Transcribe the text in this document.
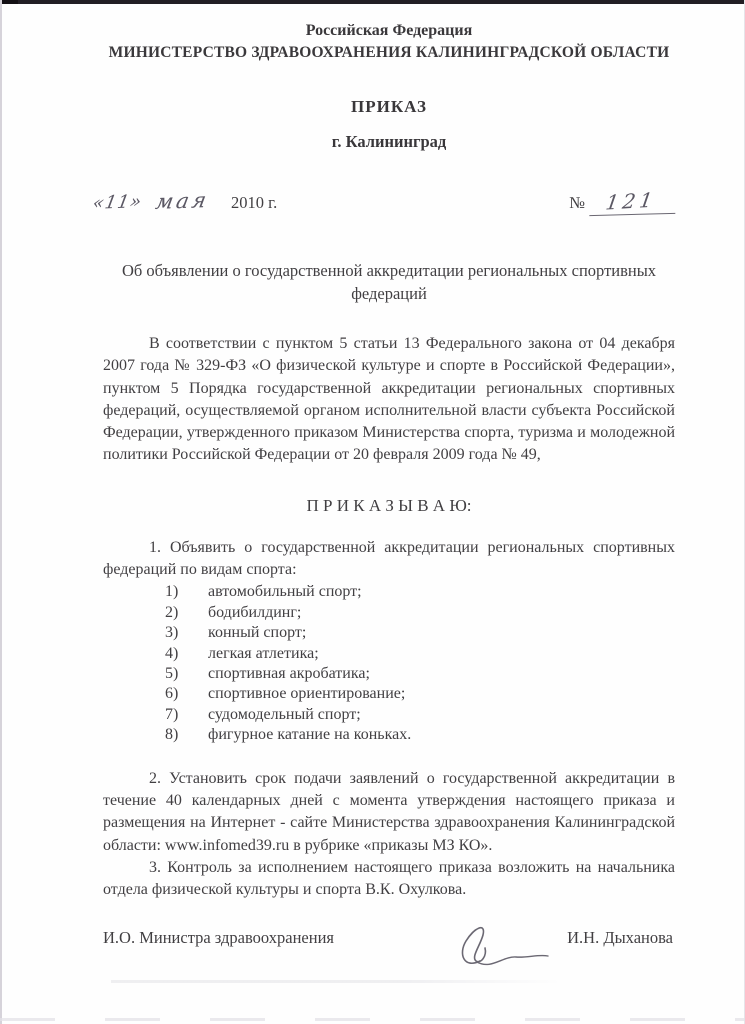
Российская Федерация
МИНИСТЕРСТВО ЗДРАВООХРАНЕНИЯ КАЛИНИНГРАДСКОЙ ОБЛАСТИ
ПРИКАЗ
г. Калининград
«11» мая 2010 г.	№ 121
Об объявлении о государственной аккредитации региональных спортивных федераций

В соответствии с пунктом 5 статьи 13 Федерального закона от 04 декабря 2007 года № 329-ФЗ «О физической культуре и спорте в Российской Федерации», пунктом 5 Порядка государственной аккредитации региональных спортивных федераций, осуществляемой органом исполнительной власти субъекта Российской Федерации, утвержденного приказом Министерства спорта, туризма и молодежной политики Российской Федерации от 20 февраля 2009 года № 49,

П Р И К А З Ы В А Ю:

1. Объявить о государственной аккредитации региональных спортивных федераций по видам спорта:

1)	автомобильный спорт;
2)	бодибилдинг;
3)	конный спорт;
4)	легкая атлетика;
5)	спортивная акробатика;
6)	спортивное ориентирование;
7)	судомодельный спорт;
8)	фигурное катание на коньках.

2. Установить срок подачи заявлений о государственной аккредитации в течение 40 календарных дней с момента утверждения настоящего приказа и размещения на Интернет - сайте Министерства здравоохранения Калининградской области: www.infomed39.ru в рубрике «приказы МЗ КО».

3. Контроль за исполнением настоящего приказа возложить на начальника отдела физической культуры и спорта В.К. Охулкова.

И.О. Министра здравоохранения	И.Н. Дыханова
